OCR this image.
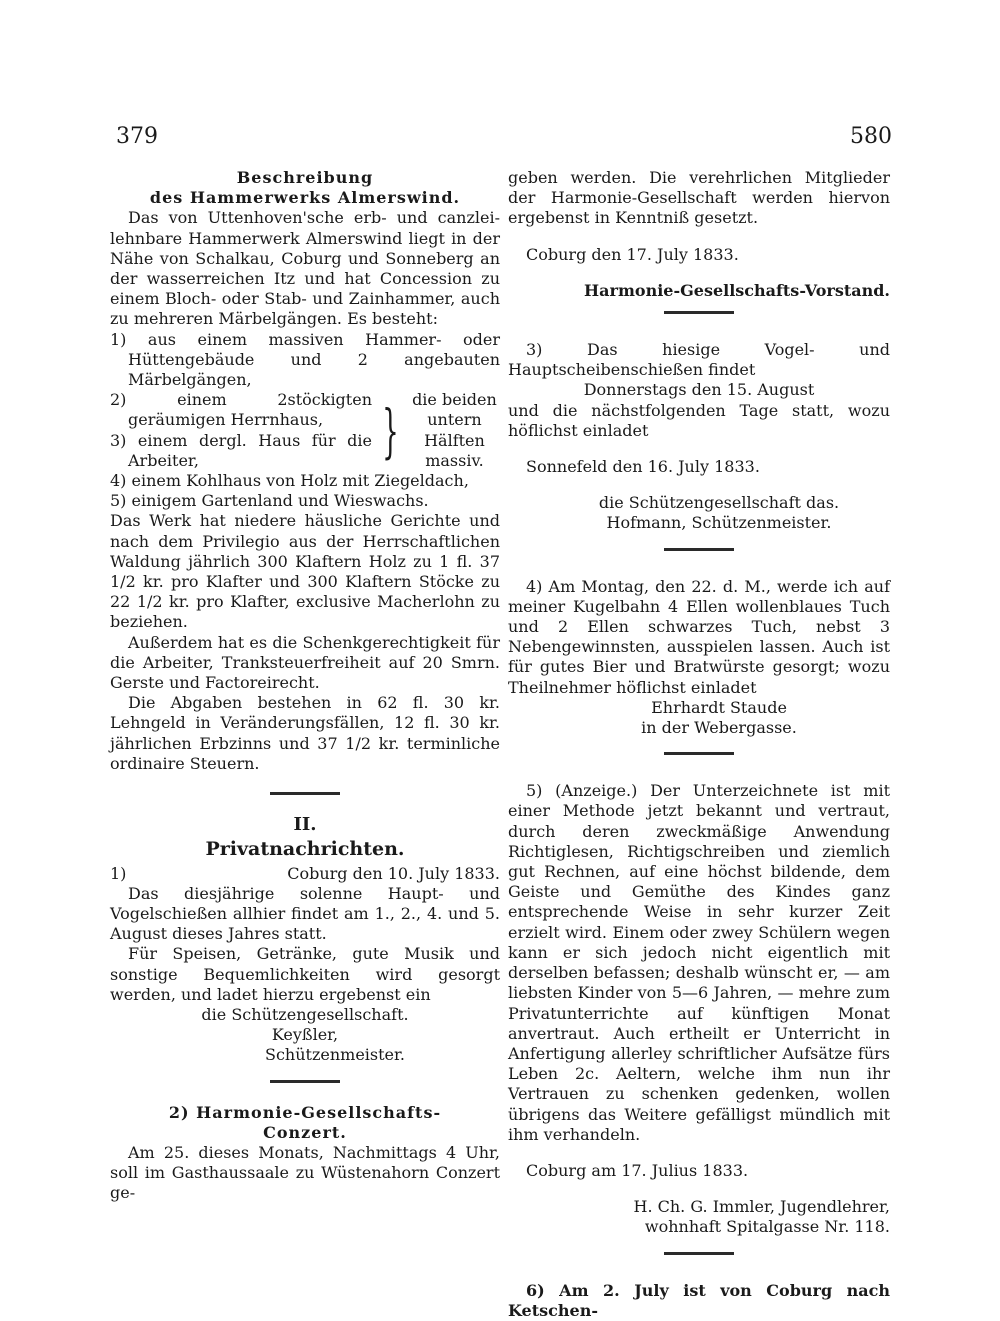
379	580

Beschreibung

des Hammerwerks Almerswind.

Das von Uttenhoven'sche erb- und canzlei-lehnbare Hammerwerk Almerswind liegt in der Nähe von Schalkau, Coburg und Sonneberg an der wasserreichen Itz und hat Concession zu einem Bloch- oder Stab- und Zainhammer, auch zu mehreren Märbelgängen. Es besteht:

1) aus einem massiven Hammer- oder Hüttengebäude und 2 angebauten Märbelgängen,

2) einem 2stöckigten geräumigen Herrnhaus,

3) einem dergl. Haus für die Arbeiter,	} die beiden untern Hälften massiv.

4) einem Kohlhaus von Holz mit Ziegeldach,

5) einigem Gartenland und Wieswachs.

Das Werk hat niedere häusliche Gerichte und nach dem Privilegio aus der Herrschaftlichen Waldung jährlich 300 Klaftern Holz zu 1 fl. 37 1/2 kr. pro Klafter und 300 Klaftern Stöcke zu 22 1/2 kr. pro Klafter, exclusive Macherlohn zu beziehen.

Außerdem hat es die Schenkgerechtigkeit für die Arbeiter, Trankstеuerfreiheit auf 20 Smrn. Gerste und Factoreirecht.

Die Abgaben bestehen in 62 fl. 30 kr. Lehngeld in Veränderungsfällen, 12 fl. 30 kr. jährlichen Erbzinns und 37 1/2 kr. terminliche ordinaire Steuern.

II.

Privatnachrichten.

1)	Coburg den 10. July 1833.

Das diesjährige solenne Haupt- und Vogelschießen allhier findet am 1., 2., 4. und 5. August dieses Jahres statt.

Für Speisen, Getränke, gute Musik und sonstige Bequemlichkeiten wird gesorgt werden, und ladet hierzu ergebenst ein

die Schützengesellschaft.

Keyßler,

Schützenmeister.

2) Harmonie-Gesellschafts-

Conzert.

Am 25. dieses Monats, Nachmittags 4 Uhr, soll im Gasthaussaale zu Wüstenahorn Conzert ge-

geben werden. Die verehrlichen Mitglieder der Harmonie-Gesellschaft werden hiervon ergebenst in Kenntniß gesetzt.

Coburg den 17. July 1833.

Harmonie-Gesellschafts-Vorstand.

3) Das hiesige Vogel- und Hauptscheibenschießen findet

Donnerstags den 15. August

und die nächstfolgenden Tage statt, wozu höflichst einladet

Sonnefeld den 16. July 1833.

die Schützengesellschaft das.

Hofmann, Schützenmeister.

4) Am Montag, den 22. d. M., werde ich auf meiner Kugelbahn 4 Ellen wollenblaues Tuch und 2 Ellen schwarzes Tuch, nebst 3 Nebengewinnsten, ausspielen lassen. Auch ist für gutes Bier und Bratwürste gesorgt; wozu Theilnehmer höflichst einladet

Ehrhardt Staude

in der Webergasse.

5) (Anzeige.) Der Unterzeichnete ist mit einer Methode jetzt bekannt und vertraut, durch deren zweckmäßige Anwendung Richtiglesen, Richtigschreiben und ziemlich gut Rechnen, auf eine höchst bildende, dem Geiste und Gemüthe des Kindes ganz entsprechende Weise in sehr kurzer Zeit erzielt wird. Einem oder zwey Schülern wegen kann er sich jedoch nicht eigentlich mit derselben befassen; deshalb wünscht er, — am liebsten Kinder von 5—6 Jahren, — mehre zum Privatunterrichte auf künftigen Monat anvertraut. Auch ertheilt er Unterricht in Anfertigung allerley schriftlicher Aufsätze fürs Leben 2c. Aeltern, welche ihm nun ihr Vertrauen zu schenken gedenken, wollen übrigens das Weitere gefälligst mündlich mit ihm verhandeln.

Coburg am 17. Julius 1833.

H. Ch. G. Immler, Jugendlehrer,

wohnhaft Spitalgasse Nr. 118.

6) Am 2. July ist von Coburg nach Ketschen-
